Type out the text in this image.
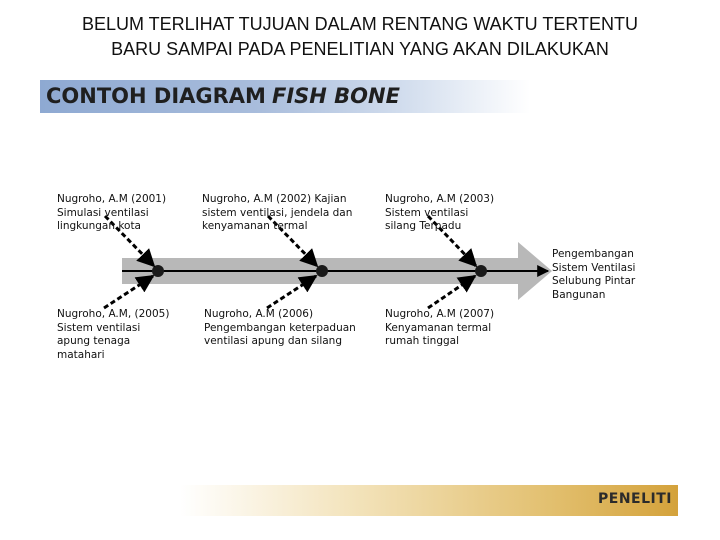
BELUM TERLIHAT TUJUAN DALAM RENTANG WAKTU TERTENTU
BARU SAMPAI PADA PENELITIAN YANG AKAN DILAKUKAN
CONTOH DIAGRAM FISH BONE
Nugroho, A.M (2001)
Simulasi ventilasi
lingkungan kota
Nugroho, A.M (2002) Kajian
sistem ventilasi, jendela dan
kenyamanan termal
Nugroho, A.M (2003)
Sistem ventilasi
silang Terpadu
Nugroho, A.M, (2005)
Sistem ventilasi
apung tenaga
matahari
Nugroho, A.M (2006)
Pengembangan keterpaduan
ventilasi apung dan silang
Nugroho, A.M (2007)
Kenyamanan termal
rumah tinggal
Pengembangan
Sistem Ventilasi
Selubung Pintar
Bangunan
PENELITI
